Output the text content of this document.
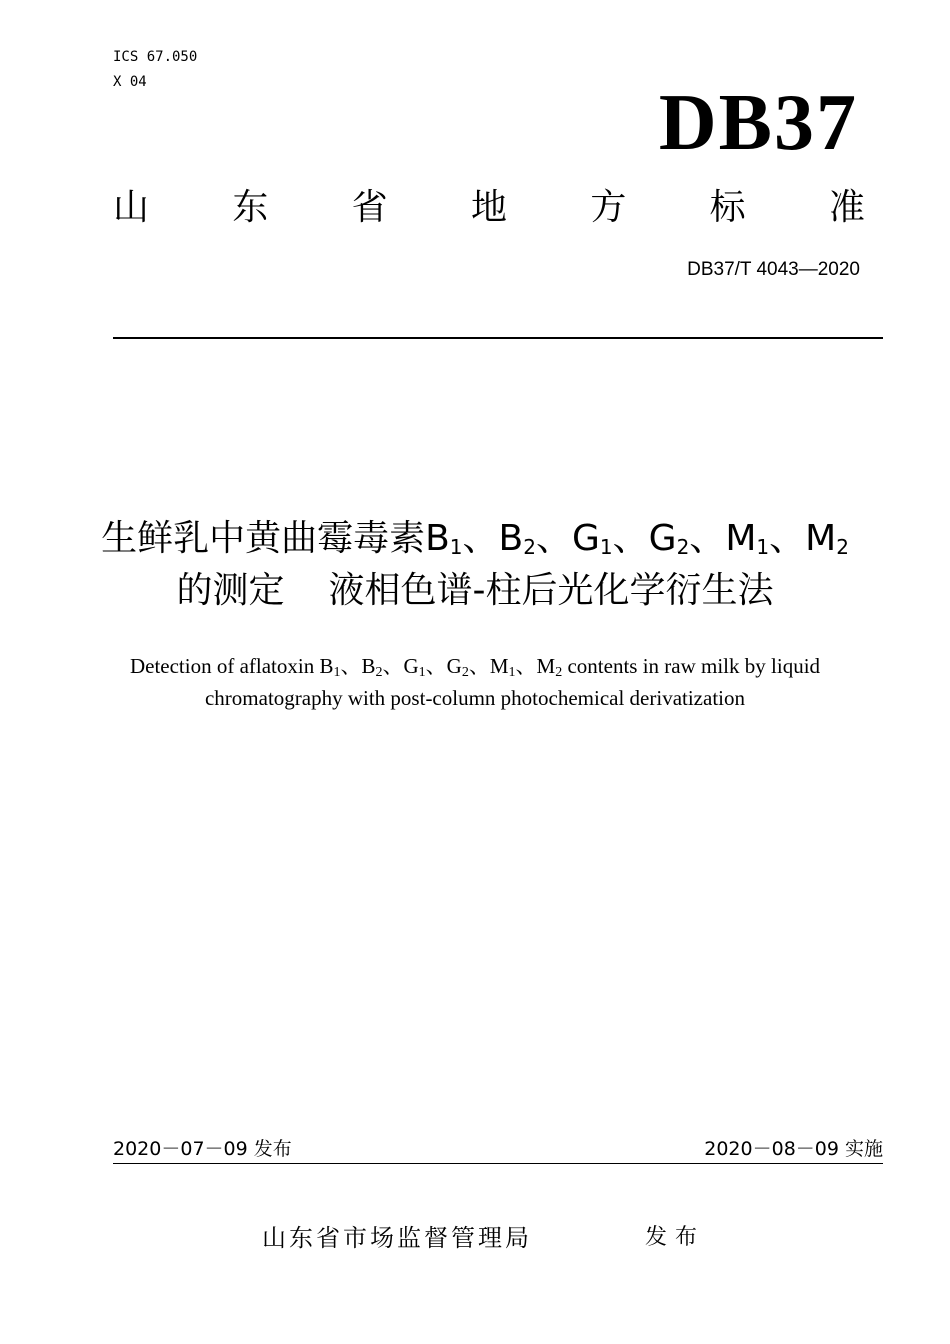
ICS 67.050
X 04	DB37
山 东 省 地 方 标 准
DB37/T 4043—2020
生鲜乳中黄曲霉毒素$B_1$、$B_2$、$G_1$、$G_2$、$M_1$、$M_2$
的测定 液相色谱-柱后光化学衍生法
Detection of aflatoxin $B_1$、$B_2$、$G_1$、$G_2$、$M_1$、$M_2$ contents in raw milk by liquid
chromatography with post-column photochemical derivatization
2020－07－09 发布	2020－08－09 实施
山东省市场监督管理局	发布
